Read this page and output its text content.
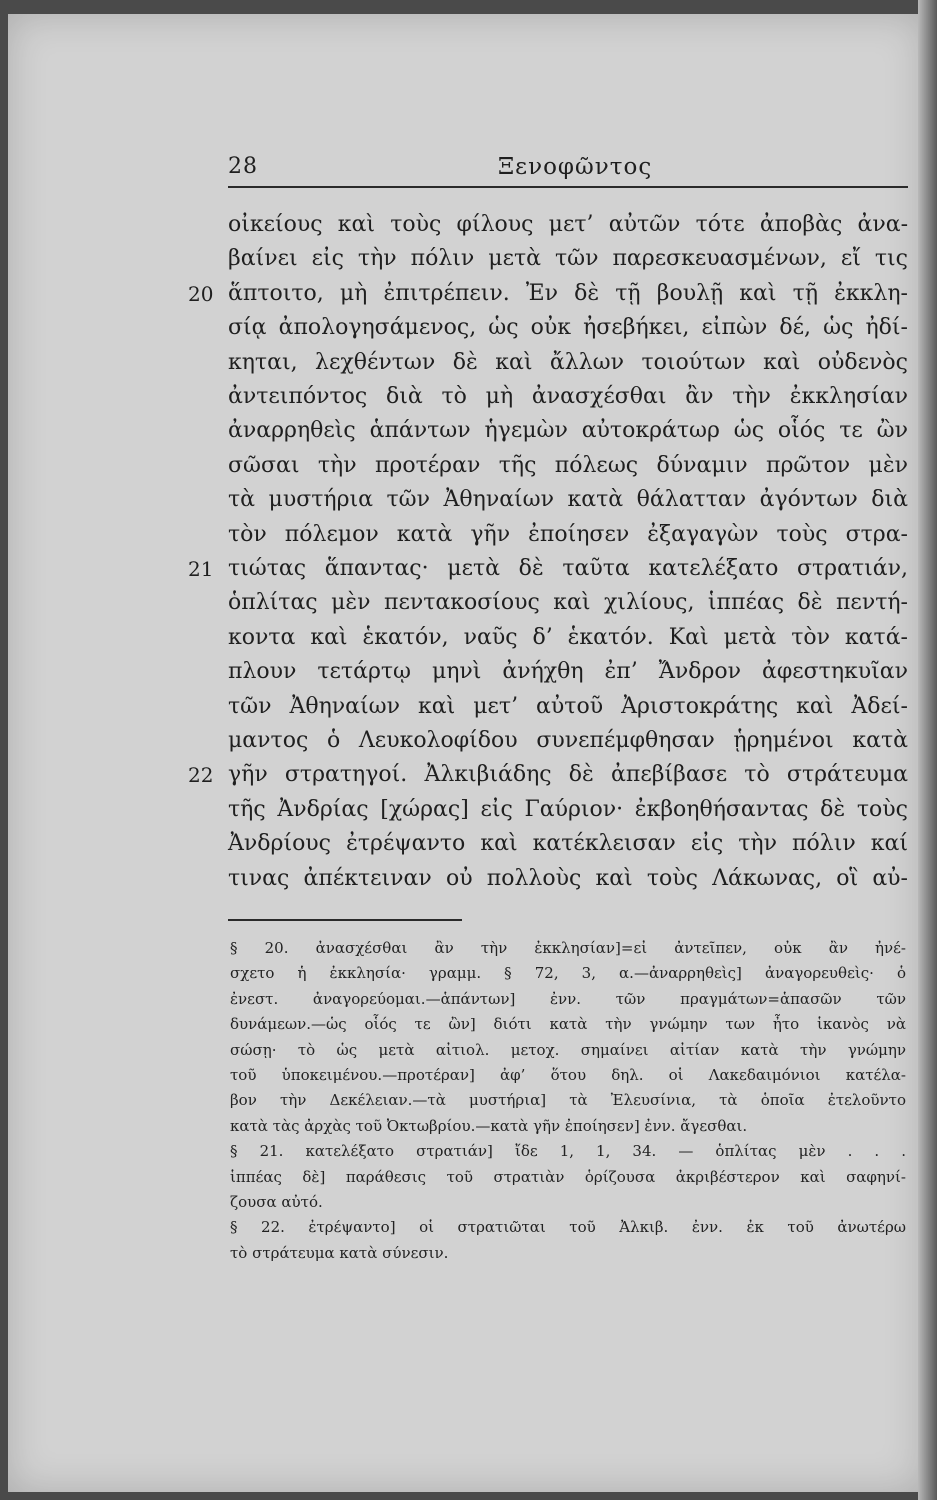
28	Ξενοφῶντος
οἰκείους καὶ τοὺς φίλους μετ’ αὐτῶν τότε ἀποβὰς ἀνα-
βαίνει εἰς τὴν πόλιν μετὰ τῶν παρεσκευασμένων, εἴ τις
20 ἅπτοιτο, μὴ ἐπιτρέπειν. Ἐν δὲ τῇ βουλῇ καὶ τῇ ἐκκλη-
σίᾳ ἀπολογησάμενος, ὡς οὐκ ἠσεβήκει, εἰπὼν δέ, ὡς ἠδί-
κηται, λεχθέντων δὲ καὶ ἄλλων τοιούτων καὶ οὐδενὸς
ἀντειπόντος διὰ τὸ μὴ ἀνασχέσθαι ἂν τὴν ἐκκλησίαν
ἀναρρηθεὶς ἁπάντων ἡγεμὼν αὐτοκράτωρ ὡς οἷός τε ὢν
σῶσαι τὴν προτέραν τῆς πόλεως δύναμιν πρῶτον μὲν
τὰ μυστήρια τῶν Ἀθηναίων κατὰ θάλατταν ἀγόντων διὰ
τὸν πόλεμον κατὰ γῆν ἐποίησεν ἐξαγαγὼν τοὺς στρα-
21 τιώτας ἅπαντας· μετὰ δὲ ταῦτα κατελέξατο στρατιάν,
ὁπλίτας μὲν πεντακοσίους καὶ χιλίους, ἱππέας δὲ πεντή-
κοντα καὶ ἑκατόν, ναῦς δ’ ἑκατόν. Καὶ μετὰ τὸν κατά-
πλουν τετάρτῳ μηνὶ ἀνήχθη ἐπ’ Ἄνδρον ἀφεστηκυῖαν
τῶν Ἀθηναίων καὶ μετ’ αὐτοῦ Ἀριστοκράτης καὶ Ἀδεί-
μαντος ὁ Λευκολοφίδου συνεπέμφθησαν ᾑρημένοι κατὰ
22 γῆν στρατηγοί. Ἀλκιβιάδης δὲ ἀπεβίβασε τὸ στράτευμα
τῆς Ἀνδρίας [χώρας] εἰς Γαύριον· ἐκβοηθήσαντας δὲ τοὺς
Ἀνδρίους ἐτρέψαντο καὶ κατέκλεισαν εἰς τὴν πόλιν καί
τινας ἀπέκτειναν οὐ πολλοὺς καὶ τοὺς Λάκωνας, οἳ αὐ-
§ 20. ἀνασχέσθαι ἂν τὴν ἐκκλησίαν]=εἰ ἀντεῖπεν, οὐκ ἂν ἠνέ-
σχετο ἡ ἐκκλησία· γραμμ. § 72, 3, α.—ἀναρρηθεὶς] ἀναγορευθεὶς· ὁ
ἐνεστ. ἀναγορεύομαι.—ἁπάντων] ἐνν. τῶν πραγμάτων=ἁπασῶν τῶν
δυνάμεων.—ὡς οἷός τε ὢν] διότι κατὰ τὴν γνώμην των ἦτο ἱκανὸς νὰ
σώσῃ· τὸ ὡς μετὰ αἰτιολ. μετοχ. σημαίνει αἰτίαν κατὰ τὴν γνώμην
τοῦ ὑποκειμένου.—προτέραν] ἀφ’ ὅτου δηλ. οἱ Λακεδαιμόνιοι κατέλα-
βον τὴν Δεκέλειαν.—τὰ μυστήρια] τὰ Ἐλευσίνια, τὰ ὁποῖα ἐτελοῦντο
κατὰ τὰς ἀρχὰς τοῦ Ὀκτωβρίου.—κατὰ γῆν ἐποίησεν] ἐνν. ἄγεσθαι.
§ 21. κατελέξατο στρατιάν] ἴδε 1, 1, 34. — ὁπλίτας μὲν . . .
ἱππέας δὲ] παράθεσις τοῦ στρατιὰν ὁρίζουσα ἀκριβέστερον καὶ σαφηνί-
ζουσα αὐτό.
§ 22. ἐτρέψαντο] οἱ στρατιῶται τοῦ Ἀλκιβ. ἐνν. ἐκ τοῦ ἀνωτέρω
τὸ στράτευμα κατὰ σύνεσιν.
